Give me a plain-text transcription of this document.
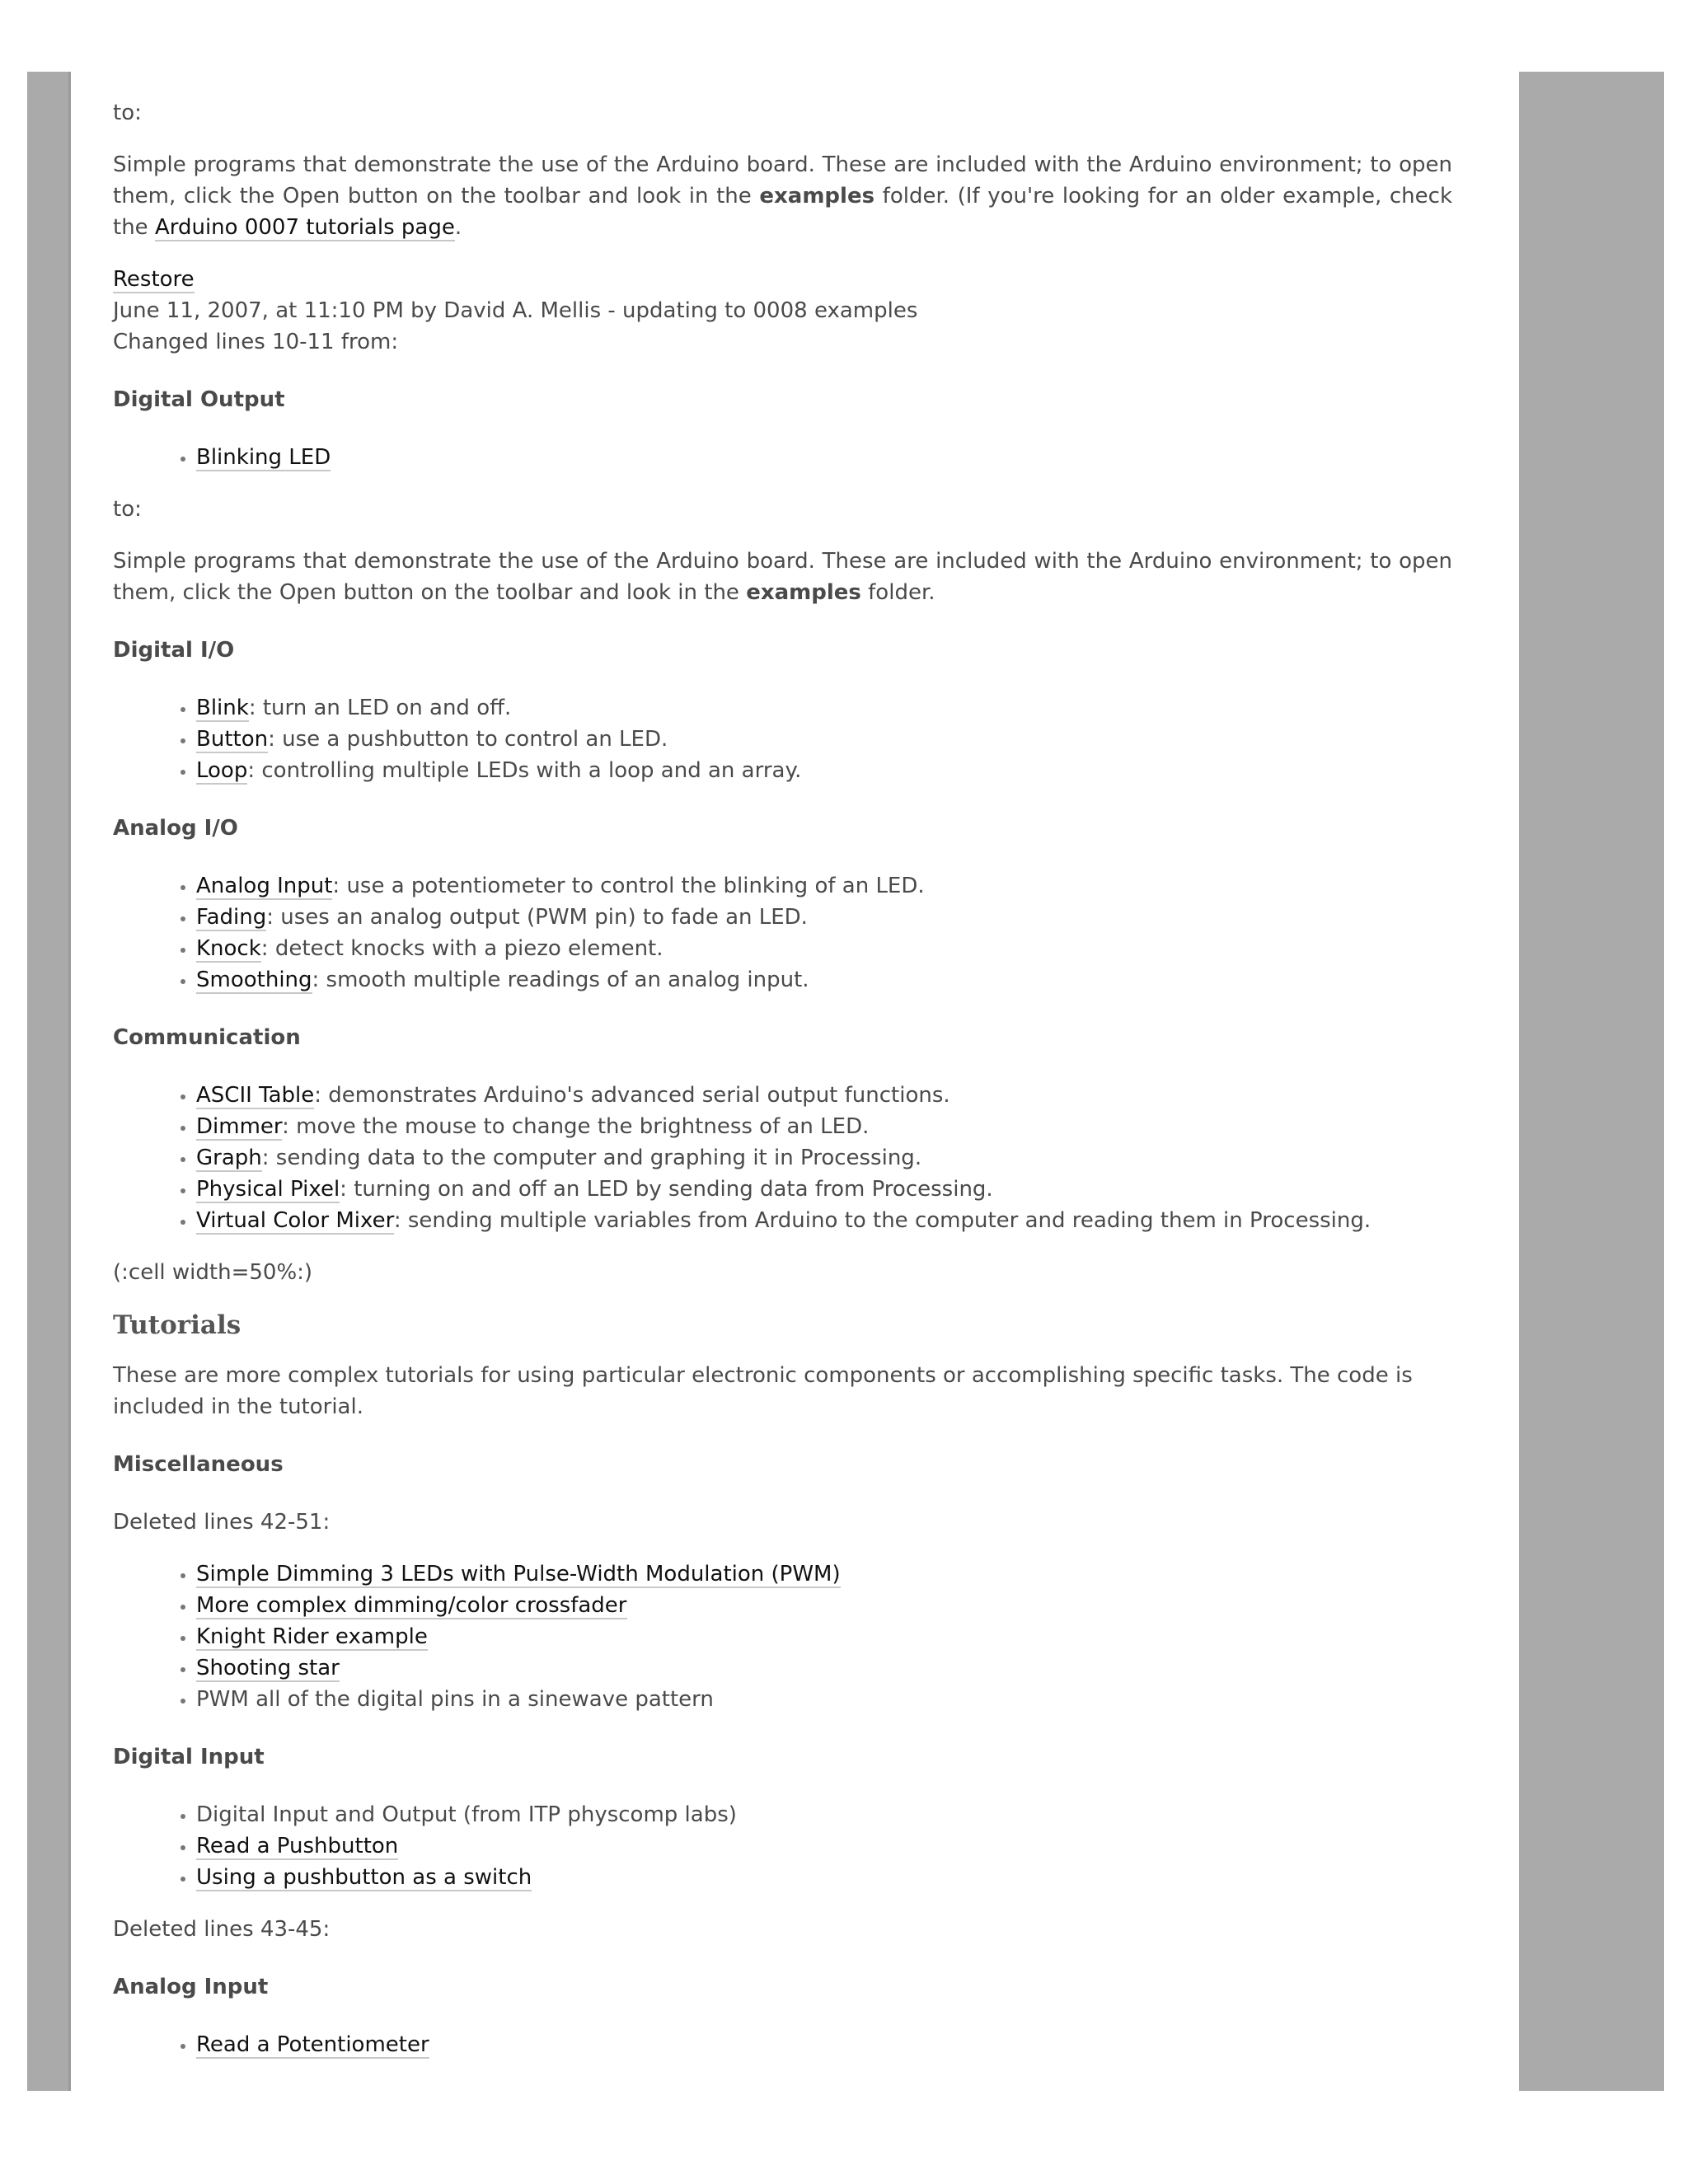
to:

Simple programs that demonstrate the use of the Arduino board. These are included with the Arduino environment; to open them, click the Open button on the toolbar and look in the examples folder. (If you're looking for an older example, check the Arduino 0007 tutorials page.

Restore
June 11, 2007, at 11:10 PM by David A. Mellis - updating to 0008 examples
Changed lines 10-11 from:
Digital Output
• Blinking LED

to:

Simple programs that demonstrate the use of the Arduino board. These are included with the Arduino environment; to open them, click the Open button on the toolbar and look in the examples folder.

Digital I/O
• Blink: turn an LED on and off.
• Button: use a pushbutton to control an LED.
• Loop: controlling multiple LEDs with a loop and an array.
Analog I/O
• Analog Input: use a potentiometer to control the blinking of an LED.
• Fading: uses an analog output (PWM pin) to fade an LED.
• Knock: detect knocks with a piezo element.
• Smoothing: smooth multiple readings of an analog input.
Communication
• ASCII Table: demonstrates Arduino's advanced serial output functions.
• Dimmer: move the mouse to change the brightness of an LED.
• Graph: sending data to the computer and graphing it in Processing.
• Physical Pixel: turning on and off an LED by sending data from Processing.
• Virtual Color Mixer: sending multiple variables from Arduino to the computer and reading them in Processing.

(:cell width=50%:)

Tutorials

These are more complex tutorials for using particular electronic components or accomplishing specific tasks. The code is included in the tutorial.

Miscellaneous

Deleted lines 42-51:

• Simple Dimming 3 LEDs with Pulse-Width Modulation (PWM)
• More complex dimming/color crossfader
• Knight Rider example
• Shooting star
• PWM all of the digital pins in a sinewave pattern
Digital Input
• Digital Input and Output (from ITP physcomp labs)
• Read a Pushbutton
• Using a pushbutton as a switch

Deleted lines 43-45:

Analog Input
• Read a Potentiometer
